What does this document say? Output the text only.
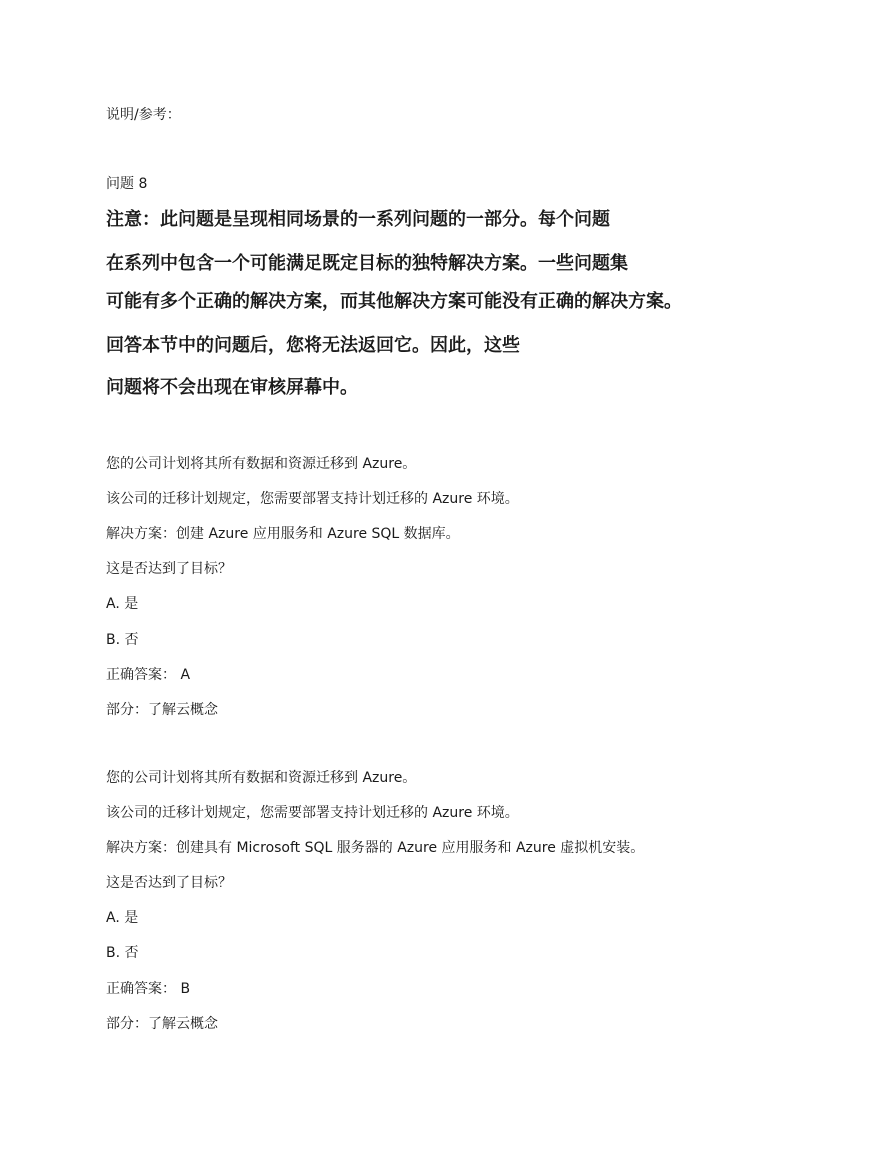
说明/参考：
问题 8
注意：此问题是呈现相同场景的一系列问题的一部分。每个问题
在系列中包含一个可能满足既定目标的独特解决方案。一些问题集
可能有多个正确的解决方案，而其他解决方案可能没有正确的解决方案。
回答本节中的问题后，您将无法返回它。因此，这些
问题将不会出现在审核屏幕中。
您的公司计划将其所有数据和资源迁移到 Azure。
该公司的迁移计划规定，您需要部署支持计划迁移的 Azure 环境。
解决方案：创建 Azure 应用服务和 Azure SQL 数据库。
这是否达到了目标？
A. 是
B. 否
正确答案： A
部分：了解云概念
您的公司计划将其所有数据和资源迁移到 Azure。
该公司的迁移计划规定，您需要部署支持计划迁移的 Azure 环境。
解决方案：创建具有 Microsoft SQL 服务器的 Azure 应用服务和 Azure 虚拟机安装。
这是否达到了目标？
A. 是
B. 否
正确答案： B
部分：了解云概念
